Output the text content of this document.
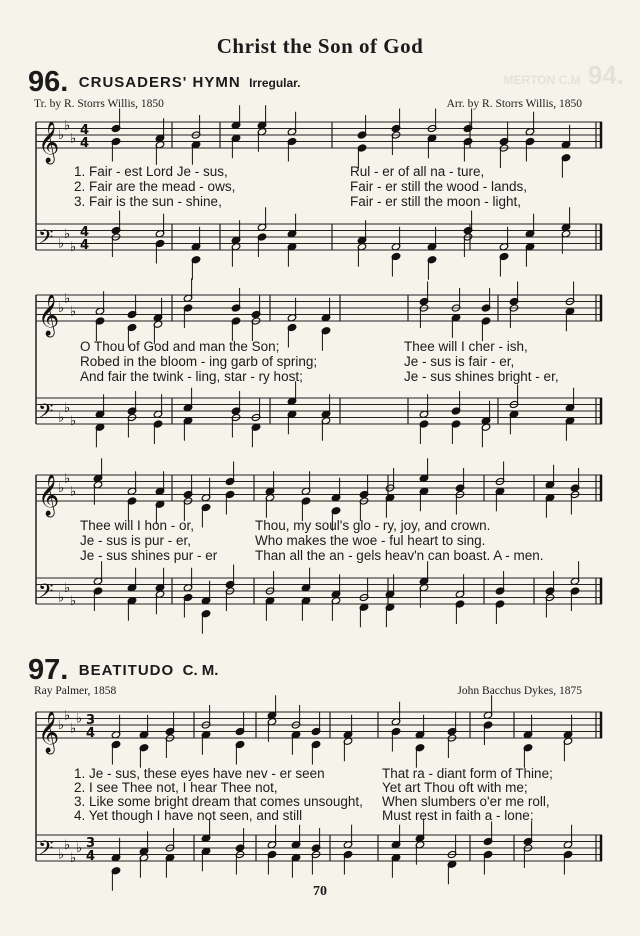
Christ the Son of God
MERTON C.M 94.
96. CRUSADERS' HYMN Irregular.
Tr. by R. Storrs Willis, 1850	Arr. by R. Storrs Willis, 1850

1. Fair - est Lord Je - sus,

	Rul - er of all na - ture,

2. Fair are the mead - ows,

	Fair - er still the wood - lands,

3. Fair is the sun - shine,

	Fair - er still the moon - light,

O Thou of God and man the Son;

	Thee will I cher - ish,

Robed in the bloom - ing garb of spring;

	Je - sus is fair - er,

And fair the twink - ling, star - ry host;

	Je - sus shines bright - er,

Thee will I hon - or,

	Thou, my soul's glo - ry, joy, and crown.

Je - sus is pur - er,

	Who makes the woe - ful heart to sing.

Je - sus shines pur - er

	Than all the an - gels heav'n can boast. A - men.

97. BEATITUDO C. M.
Ray Palmer, 1858	John Bacchus Dykes, 1875

1. Je - sus, these eyes have nev - er seen

	That ra - diant form of Thine;

2. I see Thee not, I hear Thee not,

	Yet art Thou oft with me;

3. Like some bright dream that comes unsought,

When slumbers o'er me roll,

4. Yet though I have not seen, and still

	Must rest in faith a - lone;

70
𝄞
♭
♭
♭
4
4
𝄢 ♭
♭
♭
4
4
𝄞
♭
♭
♭
𝄢 ♭
♭
♭
𝄞
♭
♭
♭
𝄢 ♭
♭
♭
𝄞
♭
♭
♭
♭ 3
4
𝄢 ♭
♭
♭
♭ 3
4
